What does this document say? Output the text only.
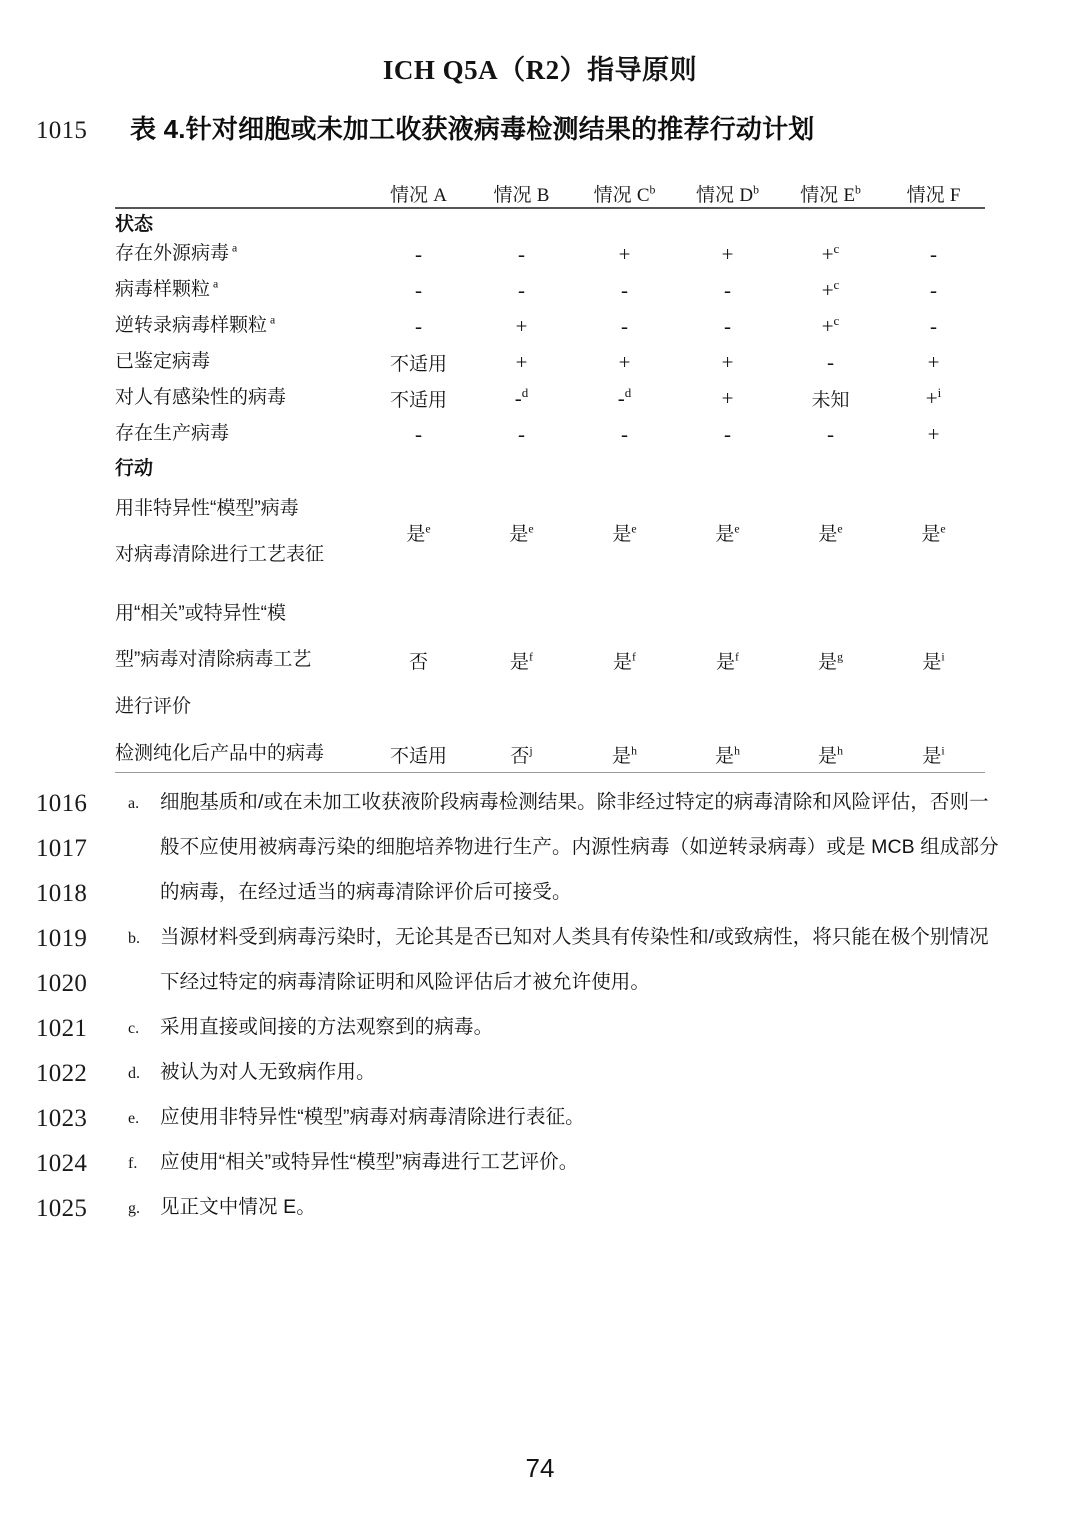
ICH Q5A（R2）指导原则
1015	表 4.针对细胞或未加工收获液病毒检测结果的推荐行动计划
	情况 A	情况 B	情况 $C^b$	情况 $D^b$	情况 $E^b$	情况 F
状态						

存在外源病毒 $^a$	-	-	+	+	+$^c$	-

病毒样颗粒 $^a$	-	-	-	-	+$^c$	-

逆转录病毒样颗粒 $^a$	-	+	-	-	+$^c$	-

已鉴定病毒	不适用	+	+	+	-	+

对人有感染性的病毒	不适用	-$^d$	-$^d$	+	未知	+$^i$

存在生产病毒	-	-	-	-	-	+
行动						

用非特异性“模型”病毒
对病毒清除进行工艺表征	是$^e$	是$^e$	是$^e$	是$^e$	是$^e$	是$^e$

用“相关”或特异性“模
型”病毒对清除病毒工艺
进行评价	否	是$^f$	是$^f$	是$^f$	是$^g$	是$^i$

检测纯化后产品中的病毒	不适用	否$^j$	是$^h$	是$^h$	是$^h$	是$^i$
1016	a.	细胞基质和/或在未加工收获液阶段病毒检测结果。除非经过特定的病毒清除和风险评估，否则一
1017	般不应使用被病毒污染的细胞培养物进行生产。内源性病毒（如逆转录病毒）或是 MCB 组成部分
1018	的病毒，在经过适当的病毒清除评价后可接受。
1019	b.	当源材料受到病毒污染时，无论其是否已知对人类具有传染性和/或致病性，将只能在极个别情况
1020	下经过特定的病毒清除证明和风险评估后才被允许使用。
1021	c.	采用直接或间接的方法观察到的病毒。
1022	d.	被认为对人无致病作用。
1023	e.	应使用非特异性“模型”病毒对病毒清除进行表征。
1024	f.	应使用“相关”或特异性“模型”病毒进行工艺评价。
1025	g.	见正文中情况 E。
74
